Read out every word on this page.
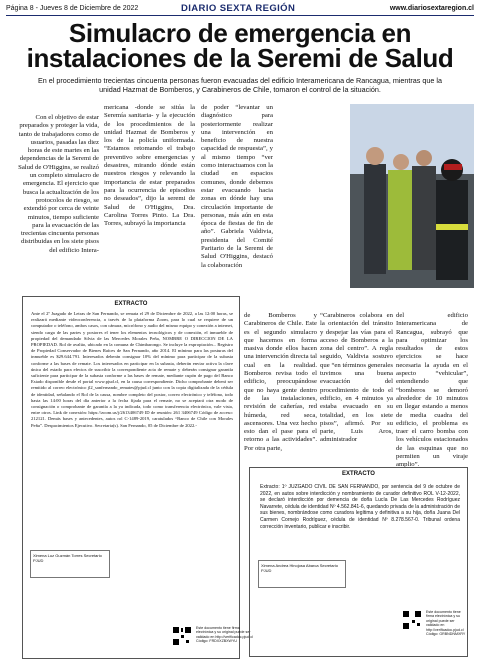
Página 8 - Jueves 8 de Diciembre de 2022	DIARIO SEXTA REGIÓN	www.diariosextaregion.cl
Simulacro de emergencia en instalaciones de la Seremi de Salud
En el procedimiento trecientas cincuenta personas fueron evacuadas del edificio Interamericana de Rancagua, mientras que la unidad Hazmat de Bomberos, y Carabineros de Chile, tomaron el control de la situación.
Con el objetivo de estar preparados y proteger la vida, tanto de trabajadores como de usuarios, pasadas las diez horas de este martes en las dependencias de la Seremi de Salud de O'Higgins, se realizó un completo simulacro de emergencia. El ejercicio que busca la actualización de los protocolos de riesgo, se extendió por cerca de veinte minutos, tiempo suficiente para la evacuación de las trecientas cincuenta personas distribuidas en los siete pisos del edificio Intera-
mericana -donde se sitúa la Seremía sanitaria- y la ejecución de los procedimientos de la unidad Hazmat de Bomberos y los de la policía uniformada. “Estamos retomando el trabajo preventivo sobre emergencias y desastres, mirando dónde están nuestros riesgos y relevando la importancia de estar preparados para la ocurrencia de episodios no deseados”, dijo la seremi de Salud de O'Higgins, Dra. Carolina Torres Pinto. La Dra. Torres, subrayó la importancia
de poder “levantar un diagnóstico para posteriormente realizar una intervención en beneficio de nuestra capacidad de respuesta”, y al mismo tiempo “ver como interactuamos con la ciudad en espacios comunes, donde debemos estar evacuando hacia zonas en dónde hay una circulación importante de personas, más aún en esta época de fiestas de fin de año”. Gabriela Valdivia, presidenta del Comité Paritario de la Seremi de Salud O'Higgins, destacó la colaboración
EXTRACTO
Ante el 2º Juzgado de Letras de San Fernando, se remata el 29 de Diciembre de 2022, a las 12:00 horas, se realizará mediante videoconferencia, a través de la plataforma Zoom, para lo cual se requiere de un computador o teléfono, ambos casos, con cámara, micrófono y audio del mismo equipo y conexión a internet, siendo carga de las partes y postores el tener los elementos tecnológicos y de conexión, el inmueble de propiedad del demandado Silvia de las Mercedes Morales Peña, NOMBRE O DIRECCION DE LA PROPIEDAD. Rol de avalúo, ubicado en la comuna de Chimbarongo. Se incluye la expropiación... Registro de Propiedad Conservador de Bienes Raíces de San Fernando, año 2014. El mínimo para las posturas del inmueble es $29.644.791. Interesados deberán consignar 10% del mínimo para participar de la subasta conforme a las bases de remate. Los interesados en participar en la subasta, deberán enviar activa la clave única del estado para efectos de suscribir la correspondiente acta de remate y deberán consignar garantía suficiente para participar de la subasta conforme a las bases de remate, mediante cupón de pago del Banco Estado disponible desde el portal www.pjud.cl, en la causa correspondiente. Dicho comprobante deberá ser remitido al correo electrónico jl2_sanfernando_remates@pjud.cl junto con la copia digitalizada de la cédula de identidad, señalando el Rol de la causa, nombre completo del postor, correo electrónico y teléfono, todo hasta las 14:00 horas del día anterior a la fecha fijada para el remate, no se aceptará otra modo de consignación o comprobante de garantía a la ya indicada, todo como transferencia electrónica, vale vista, entre otros. Link de conexión: https://zoom.us/j/2613406749 ID de reunión: 261 3406749 Código de acceso: 212121. Demás bases y antecedentes, autos rol C-1489-2019, caratulados “Banco de Chile con Morales Peña”. Despacimientos Ejecutivo. Secretaria(s). San Fernando, 05 de Diciembre de 2022.-
Ximena Luz Guzmán Torres Secretario PJUD
Este documento tiene firma electrónica y su original puede ser validado en http://verificadoc.pjud.cl Código: FRDXXZBXWYU
de Bomberos y Carabineros de Chile. Este es el segundo simulacro que hacemos en forma masiva donde ellos hacen una intervención directa tal cual en la realidad. Bomberos revisa todo el edificio, preocupándose que no haya gente dentro de las instalaciones, revisión de cañerías, red húmeda, red seca, ascensores. Una vez hecho esto dan el pase para el retorno a las actividades”. Por otra parte,
“Carabineros colabora en la orientación del tránsito y despejar las vías para el acceso de Bomberos a la zona del centro”. A regla seguido, Valdivia sostuvo que “en términos generales tuvimos una buena evacuación del procedimiento de todo el edificio, en 4 minutos ya estaba evacuado en su totalidad, en los siete pisos”, afirmó. Por su parte, Luis Aros, administrador
del edificio Interamericana de Rancagua, subrayó que para optimizar los resultados de estos ejercicios se hace necesaria la ayuda en el aspecto “vehicular”, entendiendo que “bomberos se demoró alrededor de 10 minutos en llegar estando a menos de media cuadra del edificio, el problema es traer el carro bomba con los vehículos estacionados de las esquinas que no permiten un viraje amplio”.
EXTRACTO
Extracto: 1º JUZGADO CIVIL DE SAN FERNANDO, por sentencia del 9 de octubre de 2022, en autos sobre interdicción y nombramiento de curador definitivo ROL V-12-2022, se declaró interdicción por demencia de doña Lucía De Las Mercedes Rodríguez Navarrete, cédula de identidad Nº 4.562.841-6, quedando privada de la administración de sus bienes, nombrándose como curadora legítima y definitiva a su hija, doña Juana Del Carmen Cornejo Rodríguez, cédula de identidad Nº 8.278.567-0. Tribunal ordena corrección inventario, publicar e inscribir.
Ximena Andrea Hinojosa Abarca Secretario PJUD
Este documento tiene firma electrónica y su original puede ser validado en http://verificadoc.pjud.cl Código: GRBNDNMXRY
